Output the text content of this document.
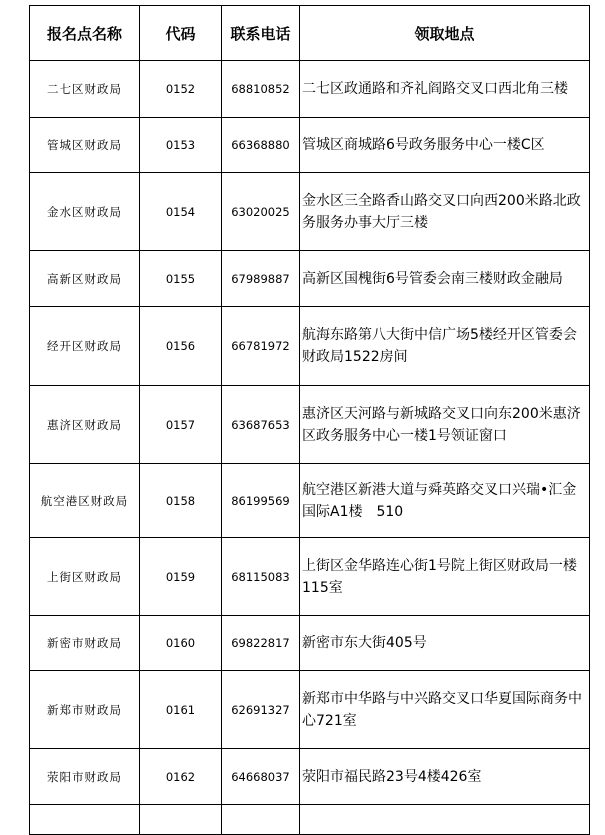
报名点名称	代码	联系电话	领取地点
二七区财政局	0152	68810852	二七区政通路和齐礼阎路交叉口西北角三楼
管城区财政局	0153	66368880	管城区商城路6号政务服务中心一楼C区
金水区财政局	0154	63020025	金水区三全路香山路交叉口向西200米路北政务服务办事大厅三楼
高新区财政局	0155	67989887	高新区国槐街6号管委会南三楼财政金融局
经开区财政局	0156	66781972	航海东路第八大街中信广场5楼经开区管委会财政局1522房间
惠济区财政局	0157	63687653	惠济区天河路与新城路交叉口向东200米惠济区政务服务中心一楼1号领证窗口
航空港区财政局	0158	86199569	航空港区新港大道与舜英路交叉口兴瑞•汇金国际A1楼　510
上街区财政局	0159	68115083	上街区金华路连心街1号院上街区财政局一楼115室
新密市财政局	0160	69822817	新密市东大街405号
新郑市财政局	0161	62691327	新郑市中华路与中兴路交叉口华夏国际商务中心721室
荥阳市财政局	0162	64668037	荥阳市福民路23号4楼426室
